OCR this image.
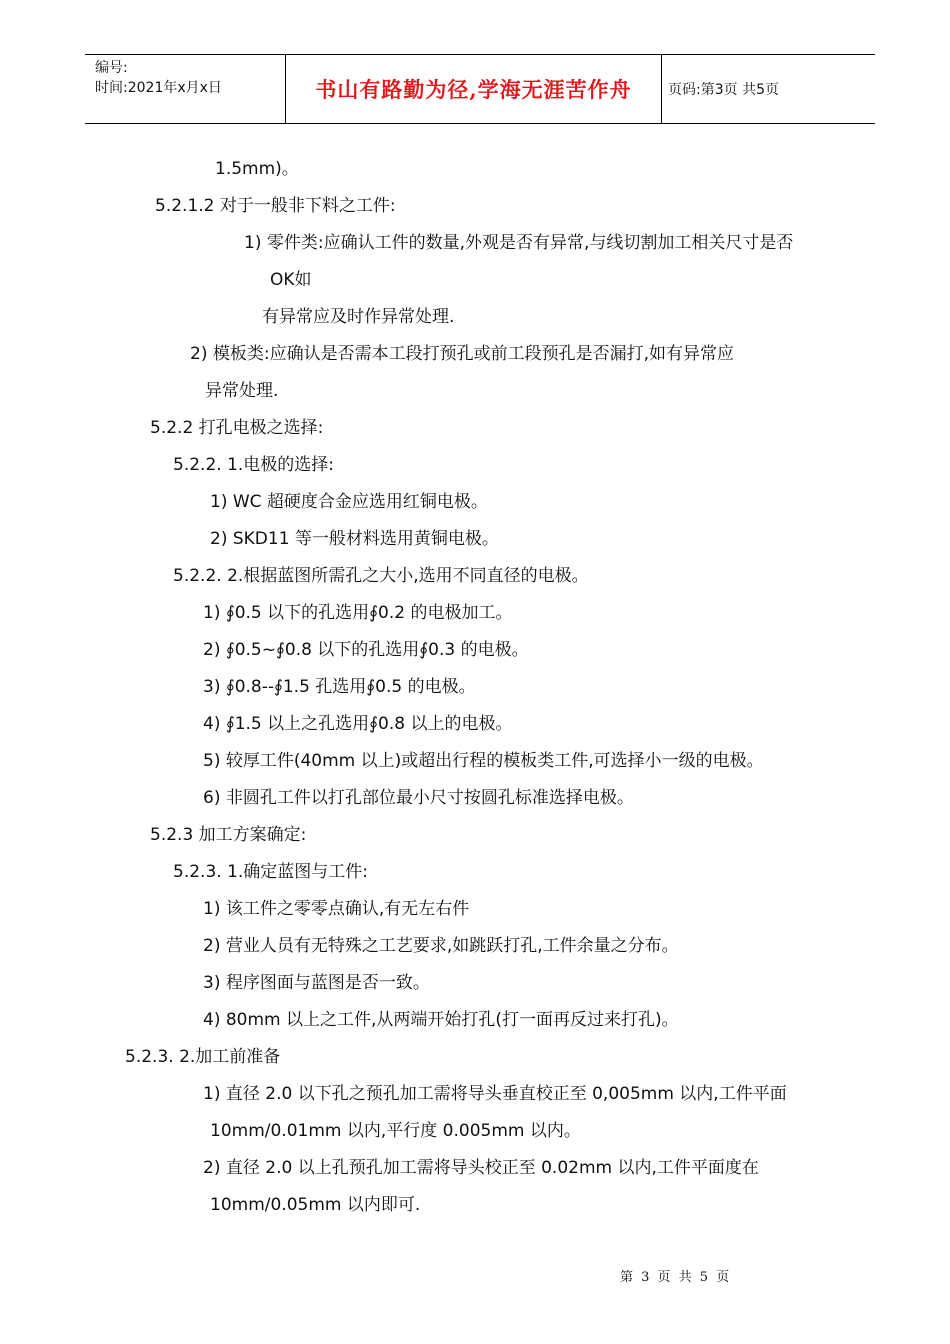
编号:
时间:2021年x月x日	书山有路勤为径,学海无涯苦作舟	页码:第3页 共5页
1.5mm)。
5.2.1.2 对于一般非下料之工件:
1) 零件类:应确认工件的数量,外观是否有异常,与线切割加工相关尺寸是否
OK如
有异常应及时作异常处理.
2) 模板类:应确认是否需本工段打预孔或前工段预孔是否漏打,如有异常应
异常处理.
5.2.2 打孔电极之选择:
5.2.2. 1.电极的选择:
1) WC 超硬度合金应选用红铜电极。
2) SKD11 等一般材料选用黄铜电极。
5.2.2. 2.根据蓝图所需孔之大小,选用不同直径的电极。
1) ∮0.5 以下的孔选用∮0.2 的电极加工。
2) ∮0.5~∮0.8 以下的孔选用∮0.3 的电极。
3) ∮0.8--∮1.5 孔选用∮0.5 的电极。
4) ∮1.5 以上之孔选用∮0.8 以上的电极。
5) 较厚工件(40mm 以上)或超出行程的模板类工件,可选择小一级的电极。
6) 非圆孔工件以打孔部位最小尺寸按圆孔标准选择电极。
5.2.3 加工方案确定:
5.2.3. 1.确定蓝图与工件:
1) 该工件之零零点确认,有无左右件
2) 营业人员有无特殊之工艺要求,如跳跃打孔,工件余量之分布。
3) 程序图面与蓝图是否一致。
4) 80mm 以上之工件,从两端开始打孔(打一面再反过来打孔)。
5.2.3. 2.加工前准备
1) 直径 2.0 以下孔之预孔加工需将导头垂直校正至 0,005mm 以内,工件平面
10mm/0.01mm 以内,平行度 0.005mm 以内。
2) 直径 2.0 以上孔预孔加工需将导头校正至 0.02mm 以内,工件平面度在
10mm/0.05mm 以内即可.
第 3 页 共 5 页
